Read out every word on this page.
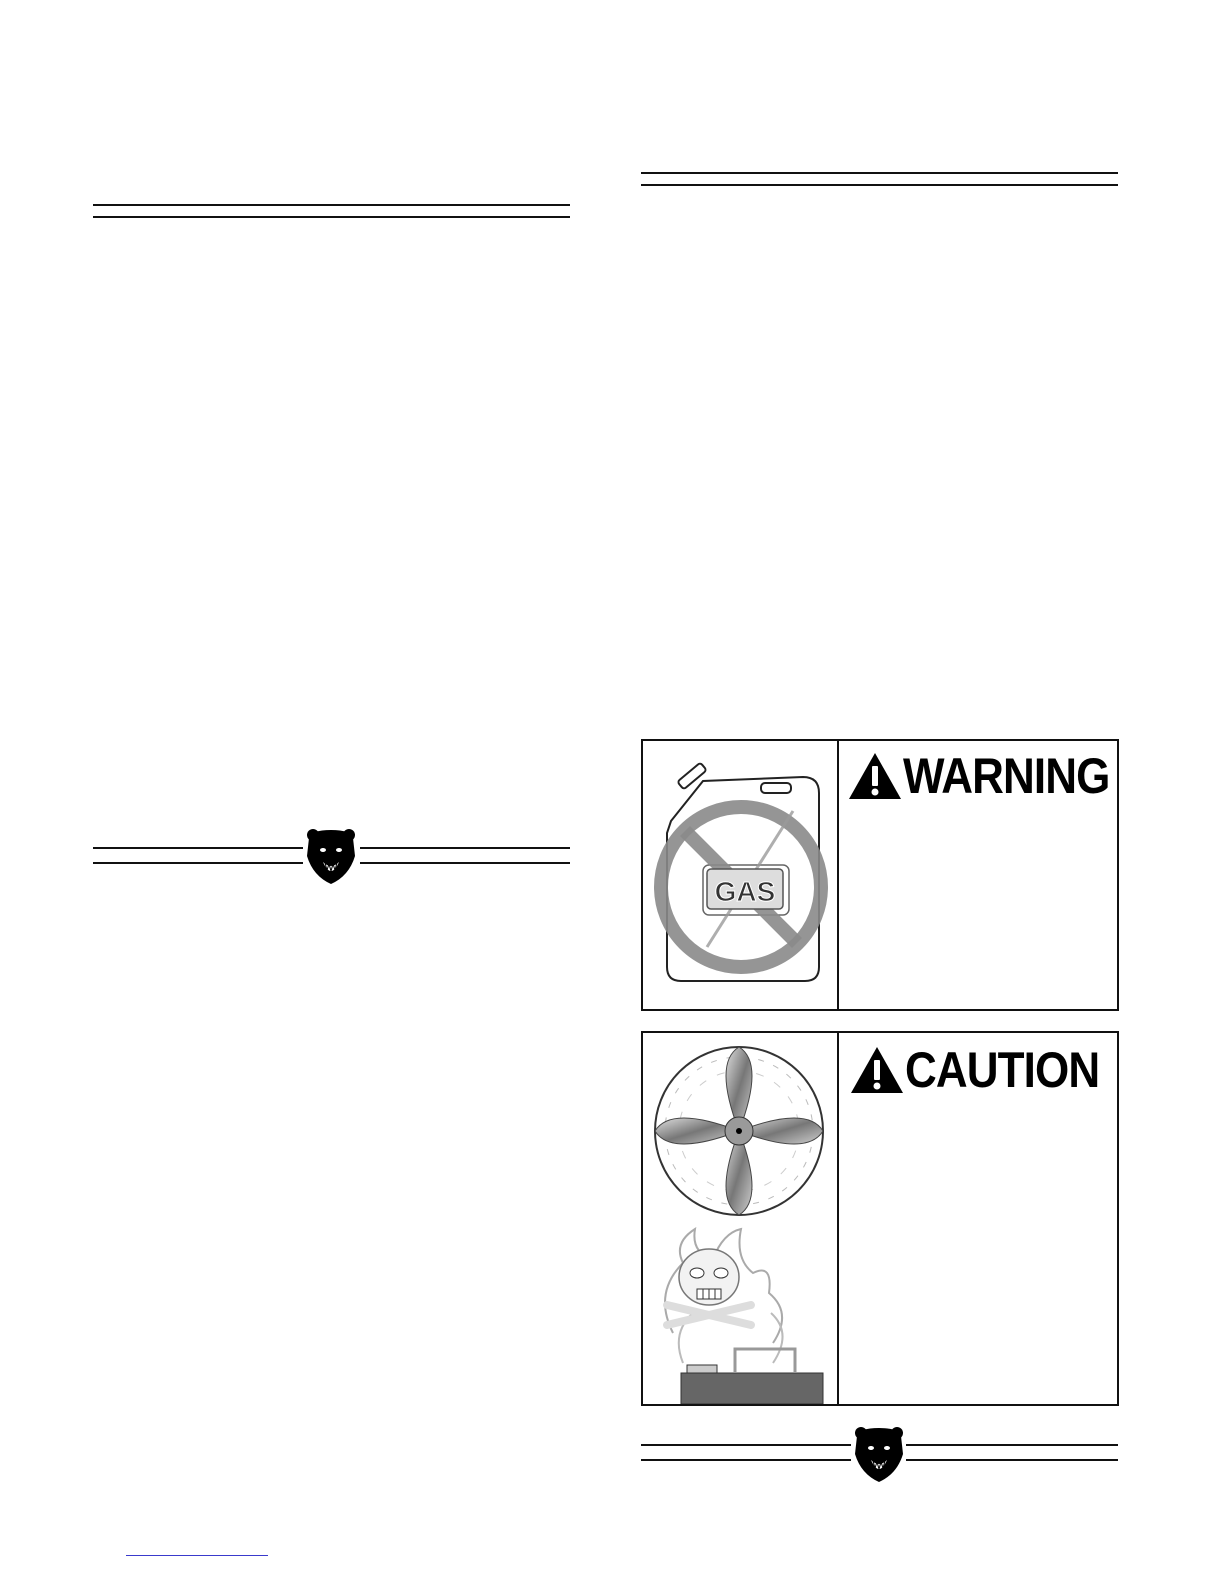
GAS
WARNING
CAUTION
